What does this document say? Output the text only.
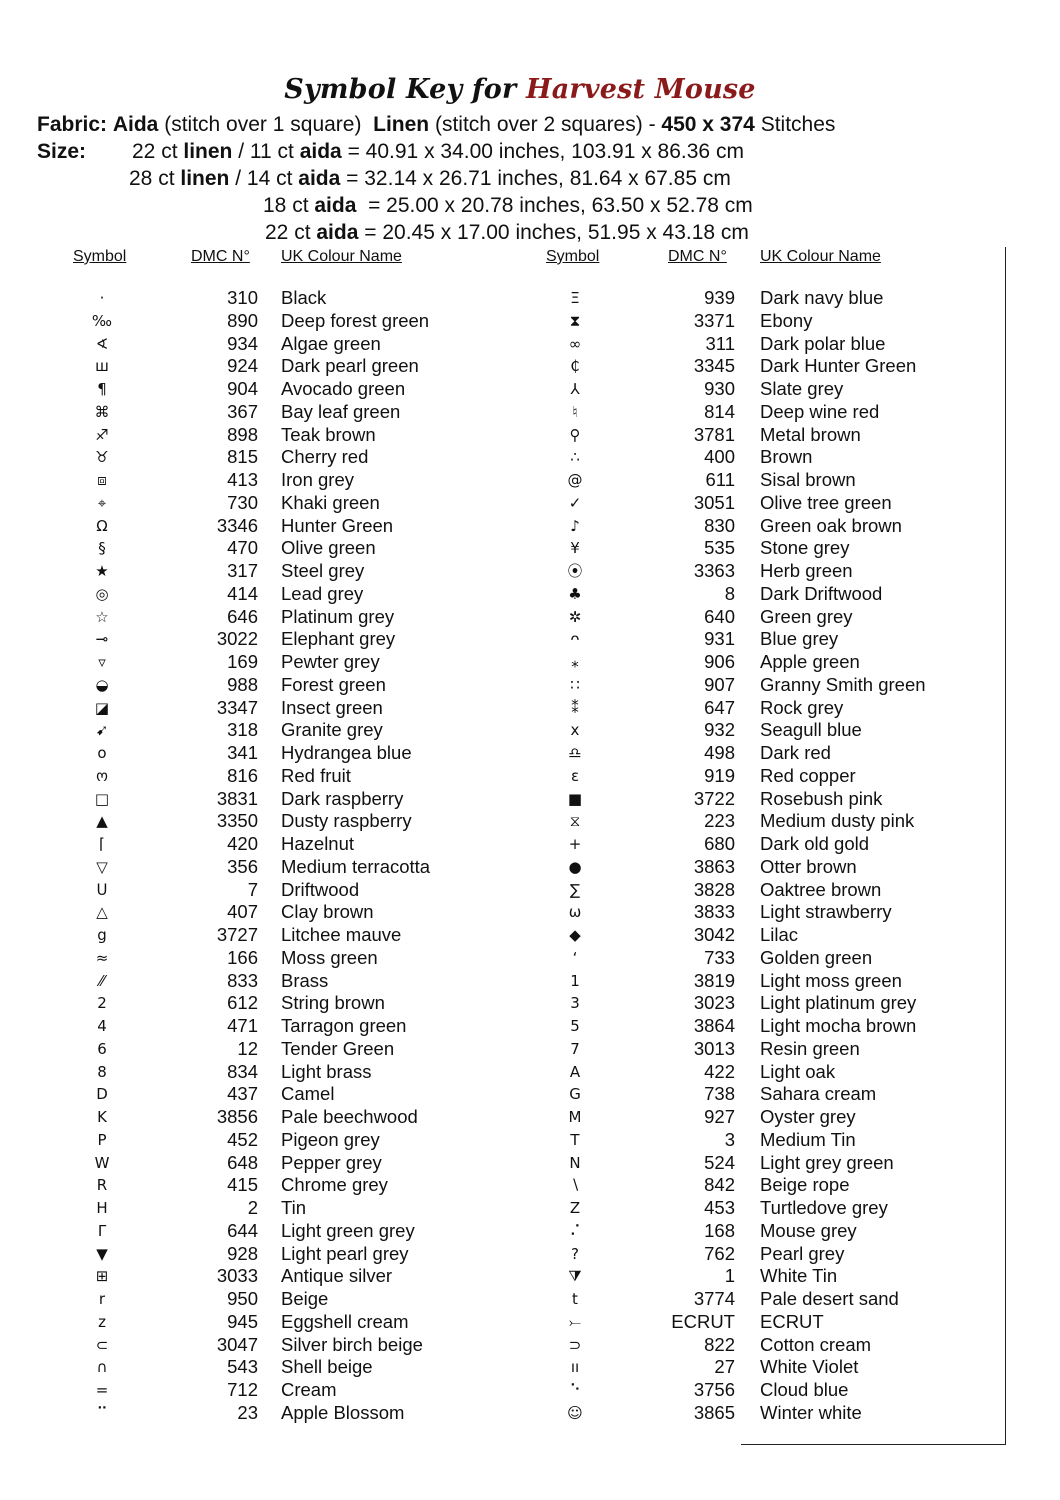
Symbol Key for Harvest Mouse
Fabric: Aida (stitch over 1 square) Linen (stitch over 2 squares) - 450 x 374 Stitches
Size: 22 ct linen / 11 ct aida = 40.91 x 34.00 inches, 103.91 x 86.36 cm
28 ct linen / 14 ct aida = 32.14 x 26.71 inches, 81.64 x 67.85 cm
18 ct aida  = 25.00 x 20.78 inches, 63.50 x 52.78 cm
22 ct aida = 20.45 x 17.00 inches, 51.95 x 43.18 cm
Symbol	DMC N° UK Colour Name	Symbol	DMC N° UK Colour Name
·	310 Black
‰	890 Deep forest green
∢	934 Algae green
ш	924 Dark pearl green
¶	904 Avocado green
⌘	367 Bay leaf green
♐	898 Teak brown
♉	815 Cherry red
⧈	413 Iron grey
⌖	730 Khaki green
Ω	3346 Hunter Green
§	470 Olive green
★	317 Steel grey
◎	414 Lead grey
☆	646 Platinum grey
⊸	3022 Elephant grey
▿	169 Pewter grey
◒	988 Forest green
◪	3347 Insect green
➹	318 Granite grey
o	341 Hydrangea blue
ო	816 Red fruit
□	3831 Dark raspberry
▲	3350 Dusty raspberry
⌈	420 Hazelnut
▽	356 Medium terracotta
ᑌ	7 Driftwood
△	407 Clay brown
g	3727 Litchee mauve
≈	166 Moss green
⁄⁄	833 Brass
2	612 String brown
4	471 Tarragon green
6	12 Tender Green
8	834 Light brass
D	437 Camel
K	3856 Pale beechwood
P	452 Pigeon grey
W	648 Pepper grey
R	415 Chrome grey
H	2 Tin
Γ	644 Light green grey
▼	928 Light pearl grey
⊞	3033 Antique silver
r	950 Beige
z	945 Eggshell cream
⊂	3047 Silver birch beige
∩	543 Shell beige
=	712 Cream
⠉	23 Apple Blossom
Ξ	939 Dark navy blue
⧗	3371 Ebony
∞	311 Dark polar blue
₵	3345 Dark Hunter Green
⅄	930 Slate grey
♮	814 Deep wine red
⚲	3781 Metal brown
∴	400 Brown
@	611 Sisal brown
✓	3051 Olive tree green
♪	830 Green oak brown
¥	535 Stone grey
⦿	3363 Herb green
♣	8 Dark Driftwood
✲	640 Green grey
ᴖ	931 Blue grey
⁎	906 Apple green
∷	907 Granny Smith green
⁑	647 Rock grey
x	932 Seagull blue
♎	498 Dark red
ɛ	919 Red copper
■	3722 Rosebush pink
⧖	223 Medium dusty pink
+	680 Dark old gold
●	3863 Otter brown
∑	3828 Oaktree brown
ω	3833 Light strawberry
◆	3042 Lilac
‘	733 Golden green
1	3819 Light moss green
3	3023 Light platinum grey
5	3864 Light mocha brown
7	3013 Resin green
A	422 Light oak
G	738 Sahara cream
M	927 Oyster grey
T	3 Medium Tin
N	524 Light grey green
∖	842 Beige rope
Z	453 Turtledove grey
⠌	168 Mouse grey
?	762 Pearl grey
⧩	1 White Tin
t	3774 Pale desert sand
⤚	ECRUT ECRUT
⊃	822 Cotton cream
ıı	27 White Violet
⠑	3756 Cloud blue
☺	3865 Winter white
